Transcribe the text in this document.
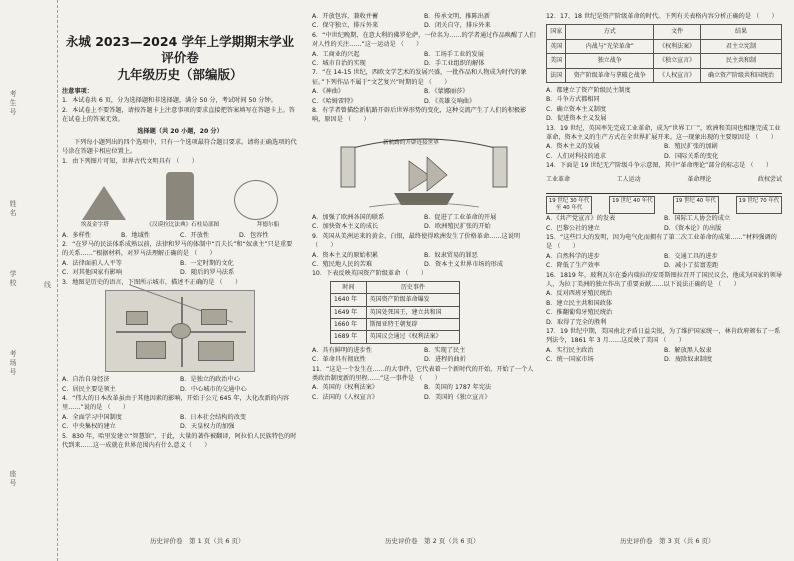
考生号
姓名
学校
考场号
座号
线
永城 2023—2024 学年上学期期末学业评价卷
九年级历史（部编版）

注意事项：

1．本试卷共 6 页，分为选择题和非选择题，满分 50 分，考试时间 50 分钟。

2．本试卷上不要答题，请按答题卡上注意事项的要求直接把答案填写在答题卡上。答在试卷上的答案无效。

选择题（共 20 小题，20 分）

下列每小题列出的四个选项中，只有一个选项最符合题目要求。请将正确选项的代号涂在答题卡相应位置上。

1．由下列图片可知，世界古代文明具有 （　　）

埃及金字塔	《汉谟拉比法典》石柱局部图	拜德尔船
A．多样性	B．地域性	C．开放性	D．包容性

2．“在罗马的民法体系成熟以前，法律和罗马的体制中“百夫长”和“奴隶主”只是重要的关系……”根据材料，对罗马法理解正确的是 （　　）

A．法律面前人人平等	B．一定时期的文化
C．对其他国家有影响	D．随后的罗马法系

3．地图是历史的语言，下图所示城市，描述不正确的是 （　　）

A．自治自身经济	B．是独立的政治中心
C．居民主要是领主	D．中心城市的交通中心

4．“伟大的日本改革虽由于其他因素的影响，开始于公元 645 年，大化改新的内容里……”说的是 （　　）

A．全面学习中国制度	B．日本社会结构的改变
C．中央集权的建立	D．天皇权力的加强

5．830 年，哈里发建立“智慧馆”，于此，大量的著作被翻译，阿拉伯人民族特色的时代到来……这一成就在世界范围内有什么意义（　　）

A．开放包容，兼收并蓄	B．传承文明，推陈出新
C．保守独立，排斥外来	D．闭关自守，排斥外来

6．“中世纪晚期，在意大利的佛罗伦萨，一位名为……的学者通过作品唤醒了人们对人性的关注……”这一运动是 （　　）

A．工商业的兴起	B．工场手工业的发展
C．城市自治的实现	D．手工业组织的解体

7．“在 14-15 世纪，西欧文学艺术的发展兴盛，一批作品和人物成为时代的象征。”下列作品不属于“文艺复兴”时期的是 （　　）

A．《神曲》	B．《蒙娜丽莎》
C．《哈姆雷特》	D．《英雄交响曲》

8．有学者曾描绘新航路开辟后世界形势的变化，这种交流产生了人们的积极影响，原因是 （　　）

新航路的开辟连接世界
A．加强了欧洲各国的联系	B．促进了工业革命的开展
C．加快资本主义的成长	D．欧洲殖民扩张的开始

9．英国从美洲运来的黄金、白银，最终使得欧洲发生了价格革命……这说明 （　　）

A．资本主义的原始积累	B．奴隶贸易的罪恶
C．殖民地人民的苦难	D．资本主义世界市场的形成

10．下表反映英国资产阶级革命 （　　）

时间	历史事件
1640 年	英国资产阶级革命爆发
1649 年	英国处死国王，建立共和国
1660 年	斯图亚特王朝复辟
1689 年	英国议会通过《权利法案》
A．具有鲜明的进步性	B．实现了民主
C．革命具有彻底性	D．进程的曲折

11．“这是一个发生在……的大事件，它代表着一个新时代的开始，开始了一个人类政治制度新的里程……”这一事件是 （　　）

A．英国的《权利法案》	B．美国的 1787 年宪法
C．法国的《人权宣言》	D．美国的《独立宣言》

12．17、18 世纪是资产阶级革命的时代。下列有关表格内容分析正确的是 （　　）

国家	方式	文件	结果
英国	内战与“光荣革命”	《权利法案》	君主立宪制
美国	独立战争	《独立宣言》	民主共和制
法国	资产阶级革命与拿破仑战争	《人权宣言》	确立资产阶级共和国统治

A．都建立了资产阶级民主制度

B．斗争方式都相同

C．确立资本主义制度

D．促进资本主义发展

13．19 世纪，英国率先完成工业革命，成为“世界工厂”，欧洲和美国也相继完成工业革命，资本主义的生产方式在全世界扩展开来。这一现象出现的主要原因是 （　　）

A．资本主义的发展	B．殖民扩张的加剧
C．人们对科技的追求	D．国际关系的变化

14．下面是 19 世纪无产阶级斗争示意图，其中“革命理论”部分的标志是 （　　）

工业革命	工人运动	革命理论	政权尝试
19 世纪 30 年代至 40 年代
19 世纪 40 年代	19 世纪 40 年代	19 世纪 70 年代
A．《共产党宣言》的发表	B．国际工人协会的成立
C．巴黎公社的建立	D．《资本论》的出版

15．“这些巨大的发明，因为电气化而拥有了第二次工业革命的成果……”材料强调的是 （　　）

A．自然科学的进步	B．交通工具的进步
C．降低了生产效率	D．减小了贫富差距

16．1819 年，玻利瓦尔在委内瑞拉的安哥斯图拉召开了国民议会，他成为国家的领导人，为拉丁美洲的独立作出了重要贡献……以下说法正确的是 （　　）

A．反对西班牙殖民统治

B．建立民主共和国政体

C．推翻葡萄牙殖民统治

D．取得了完全的胜利

17．19 世纪中期，美国南北矛盾日益尖锐，为了维护国家统一，林肯政府颁布了一系列法令，1861 年 3 月……这反映了美国 （　　）

A．实行民主政治	B．解放黑人奴隶
C．统一国家市场	D．废除奴隶制度
历史评价卷　第 1 页（共 6 页）	历史评价卷　第 2 页（共 6 页）	历史评价卷　第 3 页（共 6 页）
